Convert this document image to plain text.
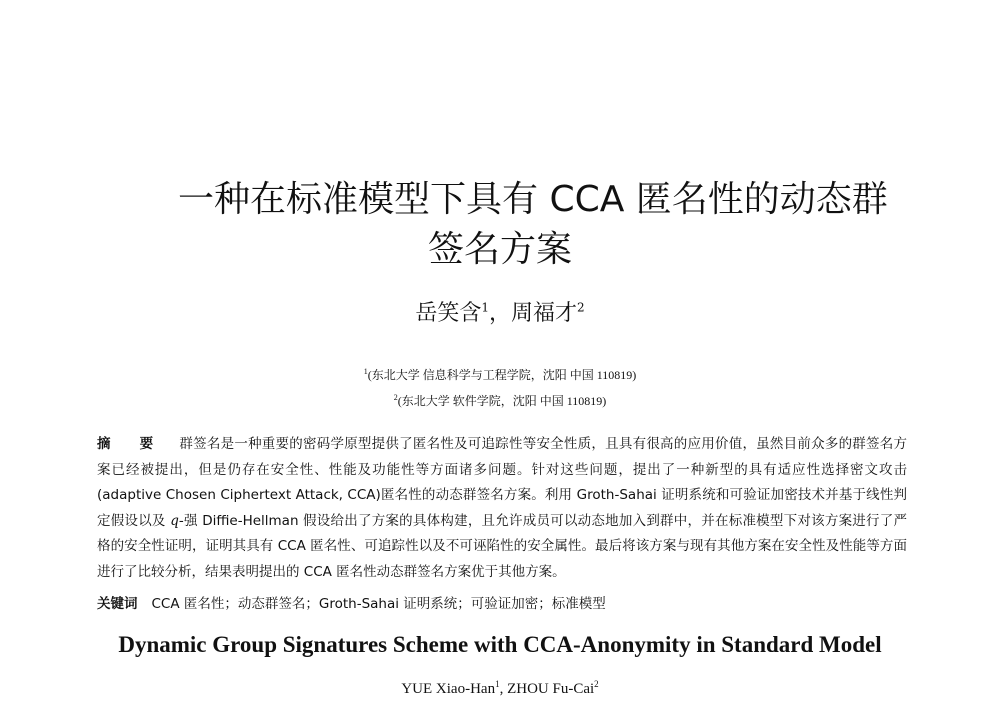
一种在标准模型下具有 CCA 匿名性的动态群
签名方案
岳笑含$^1$，周福才$^2$
$^1$(东北大学 信息科学与工程学院，沈阳 中国 110819)
$^2$(东北大学 软件学院，沈阳 中国 110819)
摘 要 群签名是一种重要的密码学原型提供了匿名性及可追踪性等安全性质，且具有很高的应用价值，虽然目前众多的群签名方案已经被提出，但是仍存在安全性、性能及功能性等方面诸多问题。针对这些问题，提出了一种新型的具有适应性选择密文攻击(adaptive Chosen Ciphertext Attack, CCA)匿名性的动态群签名方案。利用 Groth-Sahai 证明系统和可验证加密技术并基于线性判定假设以及 q-强 Diffie-Hellman 假设给出了方案的具体构建，且允许成员可以动态地加入到群中，并在标准模型下对该方案进行了严格的安全性证明，证明其具有 CCA 匿名性、可追踪性以及不可诬陷性的安全属性。最后将该方案与现有其他方案在安全性及性能等方面进行了比较分析，结果表明提出的 CCA 匿名性动态群签名方案优于其他方案。
关键词 CCA 匿名性；动态群签名；Groth-Sahai 证明系统；可验证加密；标准模型
Dynamic Group Signatures Scheme with CCA-Anonymity in Standard Model
YUE Xiao-Han$^1$, ZHOU Fu-Cai$^2$
